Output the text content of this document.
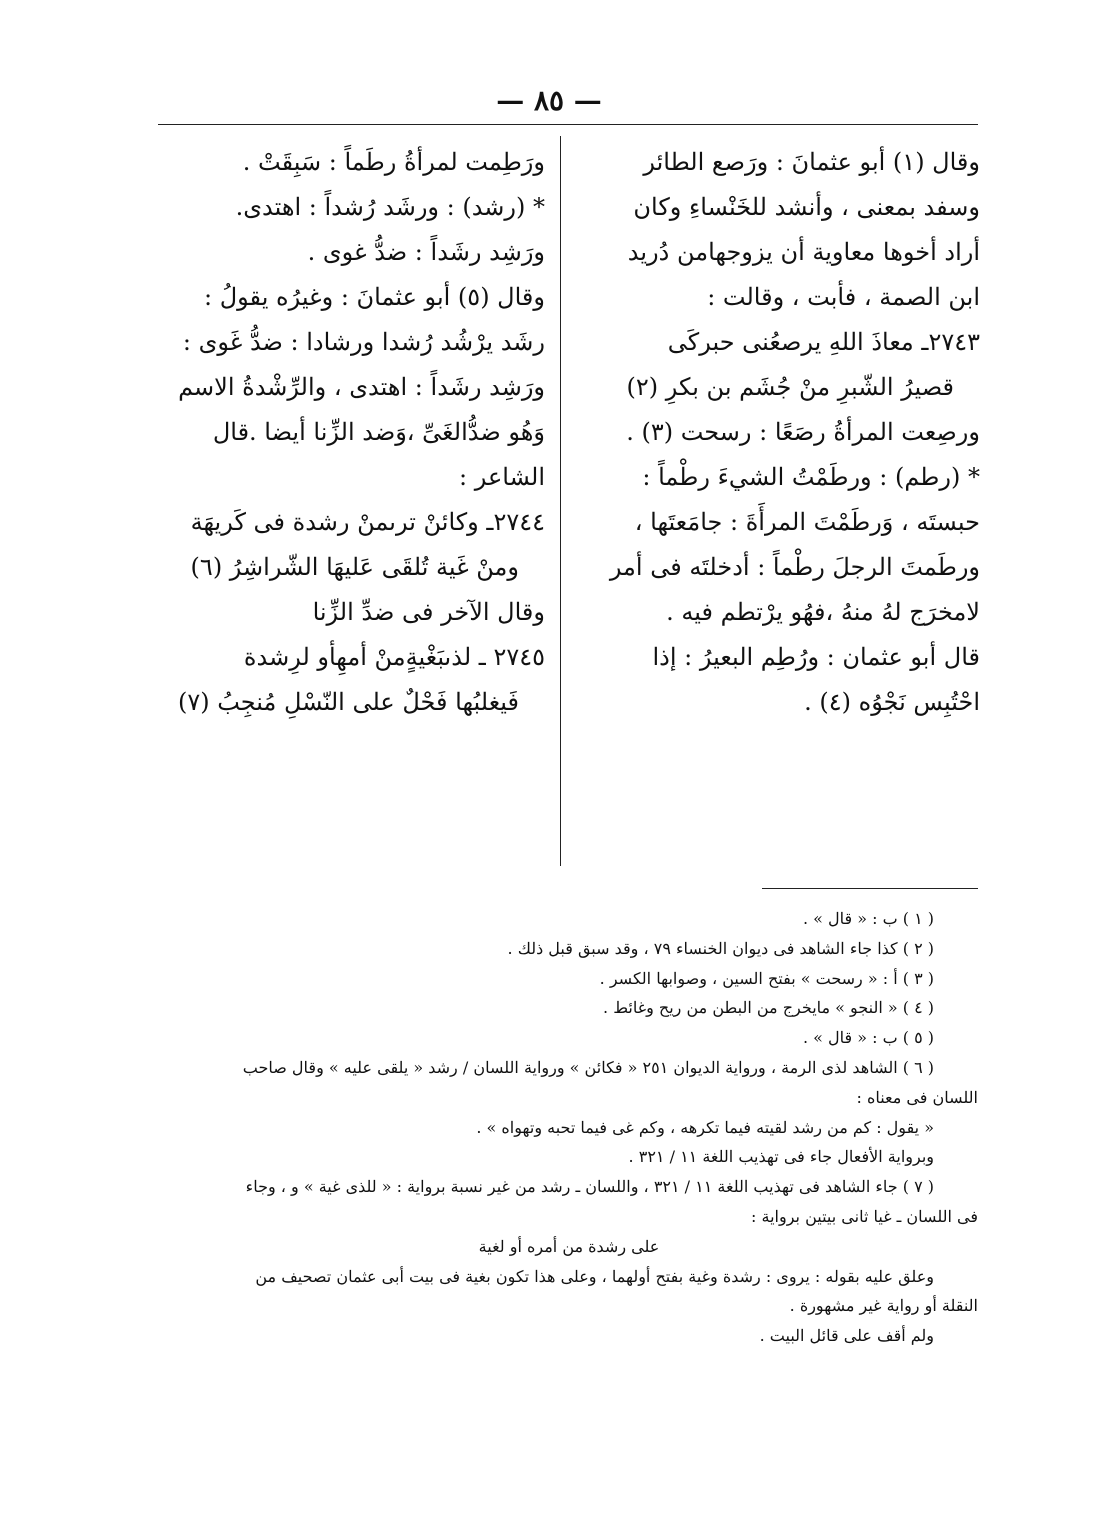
— ٨٥ —
وقال (١) أبو عثمانَ : ورَصع الطائر
وسفد بمعنى ، وأنشد للخَنْساءِ وكان
أراد أخوها معاوية أن يزوجهامن دُريد
ابن الصمة ، فأبت ، وقالت :
٢٧٤٣ـ معاذَ اللهِ يرصعُنى حبركَى
قصيرُ الشّبرِ منْ جُشَم بن بكرِ (٢)
ورصِعت المرأةُ رصَعًا : رسحت (٣) .
* (رطم) : ورطَمْتُ الشيءَ رطْماً :
حبستَه ، وَرطَمْتَ المرأَةَ : جامَعتَها ،
ورطَمتَ الرجلَ رطْماً : أدخلتَه فى أمر
لامخرَج لهُ منهُ ،فهُو يرْتطم فيه .
قال أبو عثمان : ورُطِم البعيرُ : إذا
احْتُبِس نَجْوُه (٤) .
ورَطِمت لمرأةُ رطَماً : سَبِقَتْ .
* (رشد) : ورشَد رُشداً : اهتدى.
ورَشِد رشَداً : ضدُّ غوى .
وقال (٥) أبو عثمانَ : وغيرُه يقولُ :
رشَد يرْشُد رُشدا ورشادا : ضدُّ غَوى :
ورَشِد رشَداً : اهتدى ، والرِّشْدةُ الاسم
وَهُو ضدُّالغَىِّ ،وَضد الزِّنا أيضا .قال
الشاعر :
٢٧٤٤ـ وكائنْ ترىمنْ رشدة فى كَريهَة
ومنْ غَية تُلقَى عَليهَا الشّراشِرُ (٦)
وقال الآخر فى ضدِّ الزِّنا
٢٧٤٥ ـ لذىبَغْيةٍمنْ أمهِأو لرِشدة
فَيغلبُها فَحْلٌ على النّسْلِ مُنجِبُ (٧)
( ١ ) ب : « قال » .
( ٢ ) كذا جاء الشاهد فى ديوان الخنساء ٧٩ ، وقد سبق قبل ذلك .
( ٣ ) أ : « رسحت » بفتح السين ، وصوابها الكسر .
( ٤ ) « النجو » مايخرج من البطن من ريح وغائط .
( ٥ ) ب : « قال » .
( ٦ ) الشاهد لذى الرمة ، ورواية الديوان ٢٥١ « فكائن » ورواية اللسان / رشد « يلقى عليه » وقال صاحب
اللسان فى معناه :
« يقول : كم من رشد لقيته فيما تكرهه ، وكم غى فيما تحبه وتهواه » .
وبرواية الأفعال جاء فى تهذيب اللغة ١١ / ٣٢١ .
( ٧ ) جاء الشاهد فى تهذيب اللغة ١١ / ٣٢١ ، واللسان ـ رشد من غير نسبة برواية : « للذى غية » و ، وجاء
فى اللسان ـ غيا ثانى بيتين برواية :
على رشدة من أمره أو لغية
وعلق عليه بقوله : يروى : رشدة وغية بفتح أولهما ، وعلى هذا تكون بغية فى بيت أبى عثمان تصحيف من
النقلة أو رواية غير مشهورة .
ولم أقف على قائل البيت .
